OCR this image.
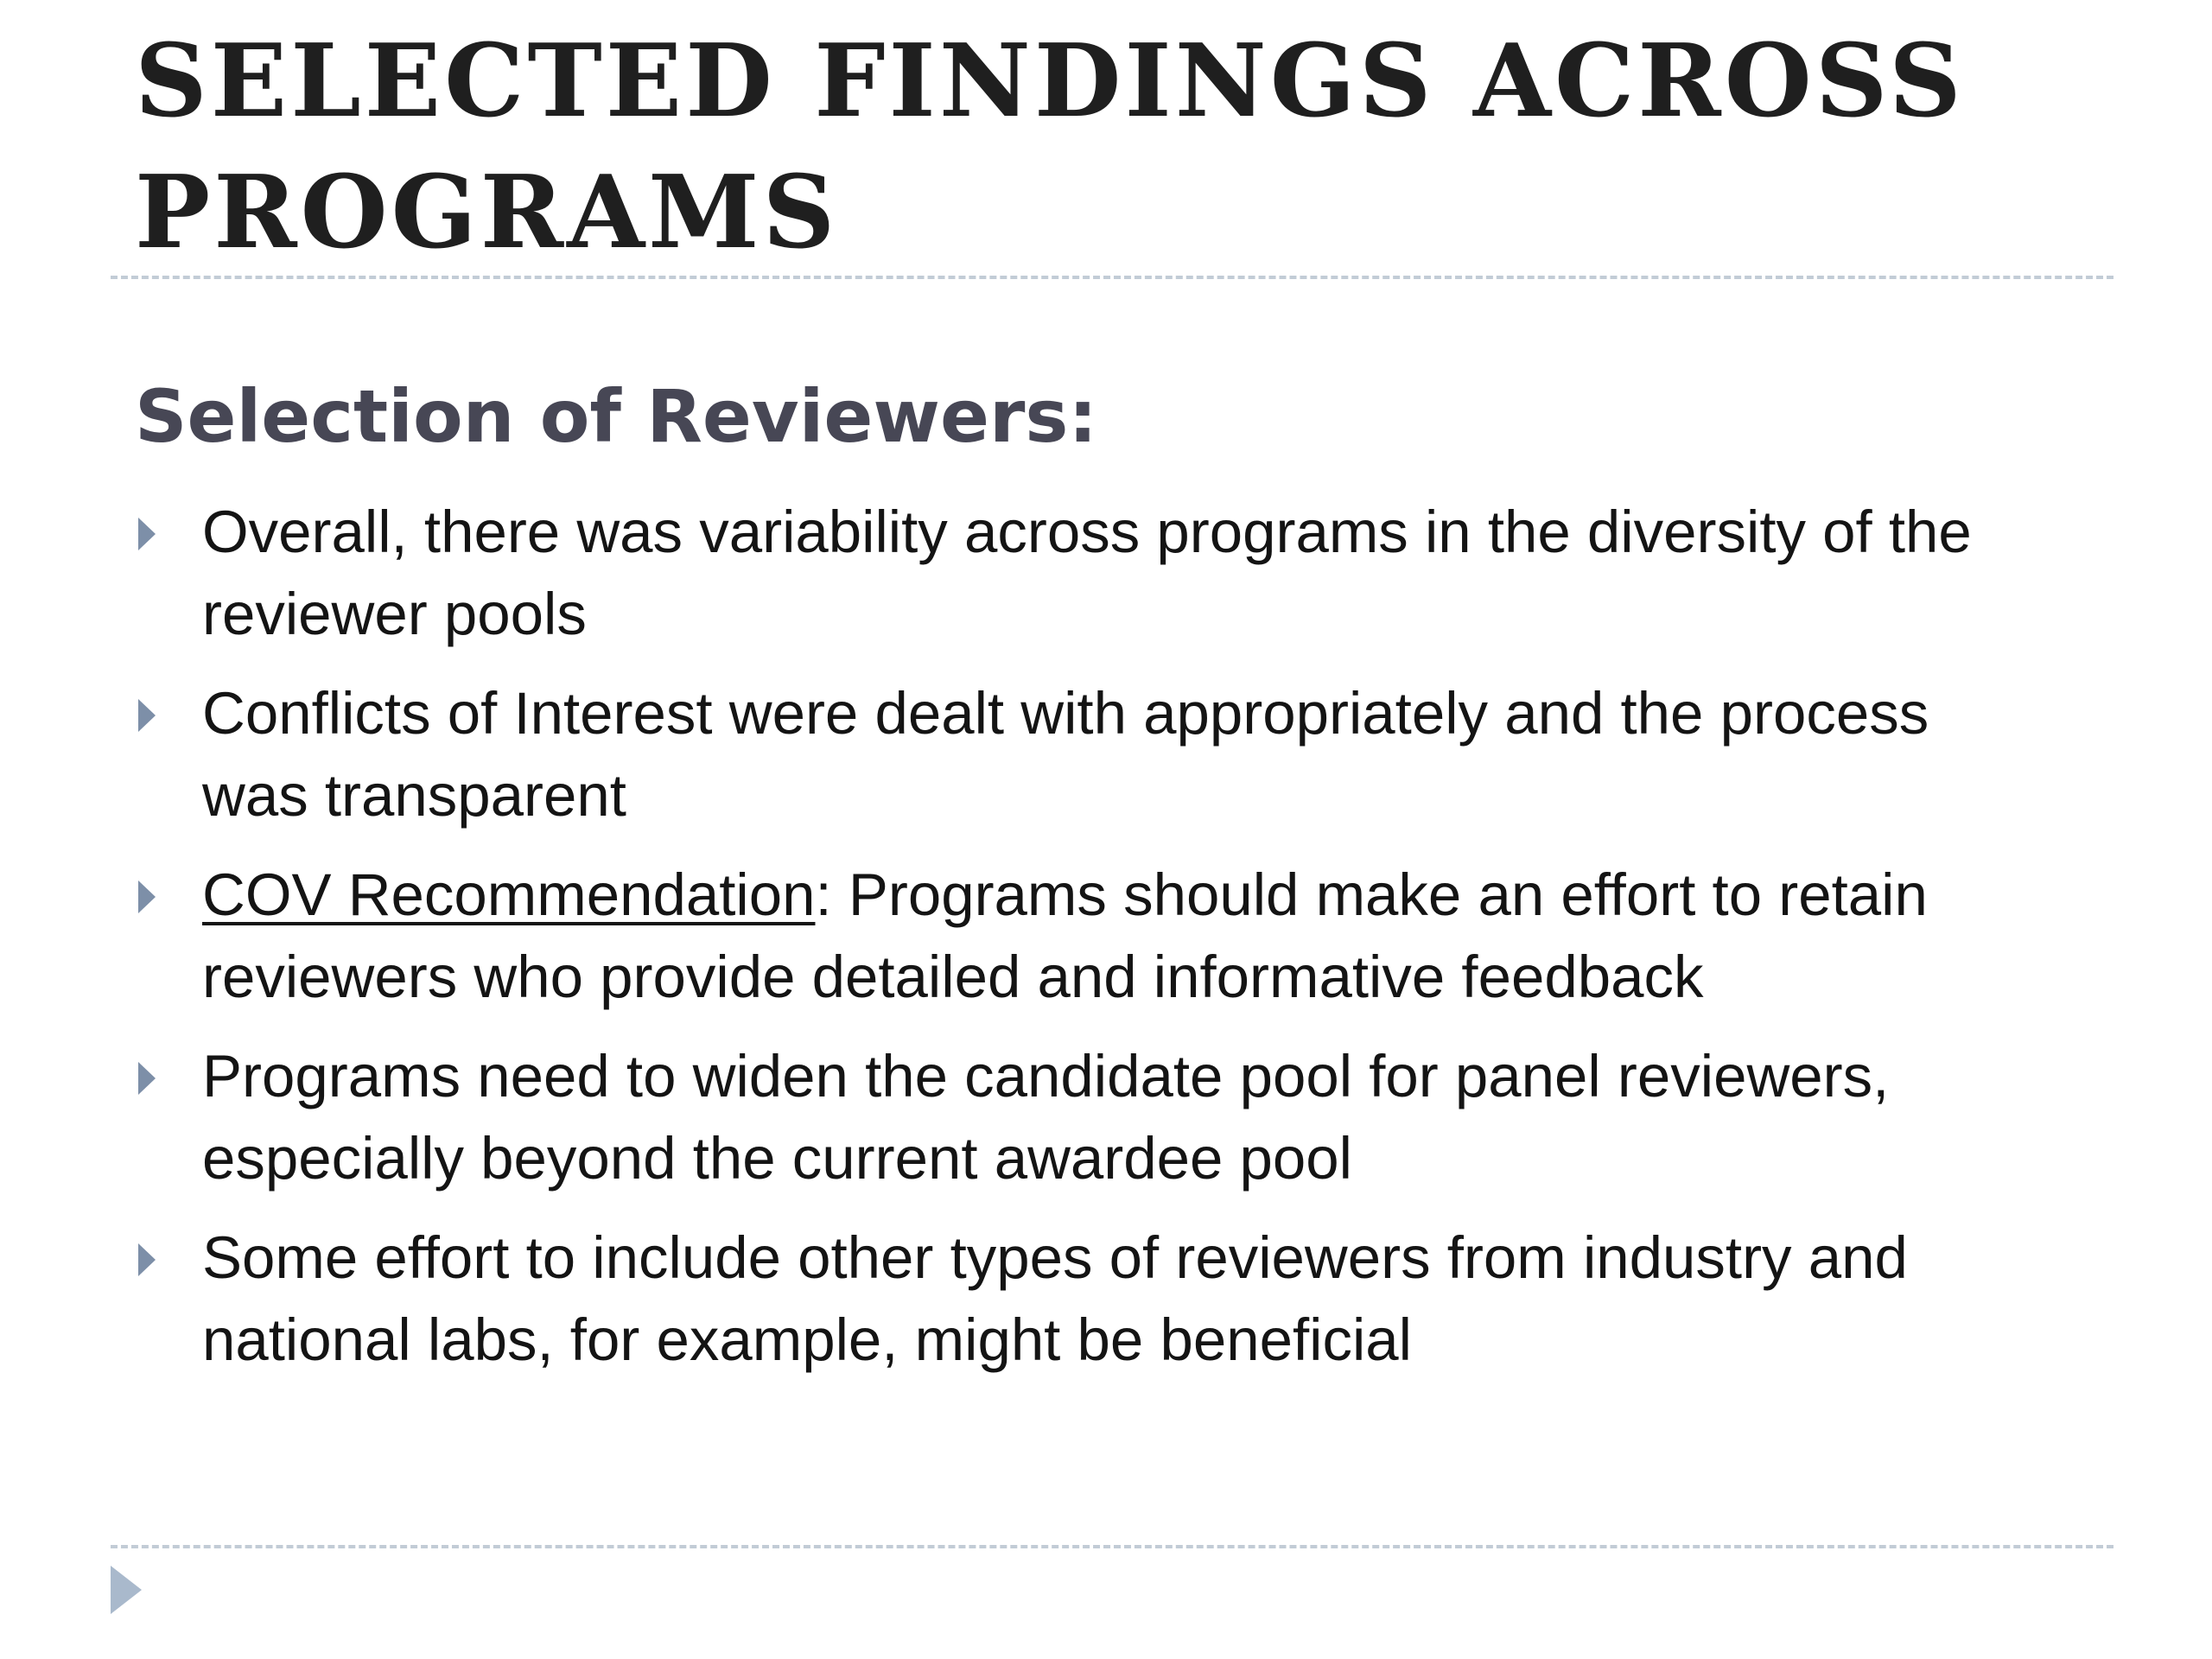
SELECTED FINDINGS ACROSS
PROGRAMS
Selection of Reviewers:
Overall, there was variability across programs in the diversity of the
reviewer pools
Conflicts of Interest were dealt with appropriately and the process
was transparent
COV Recommendation: Programs should make an effort to retain
reviewers who provide detailed and informative feedback
Programs need to widen the candidate pool for panel reviewers,
especially beyond the current awardee pool
Some effort to include other types of reviewers from industry and
national labs, for example, might be beneficial
